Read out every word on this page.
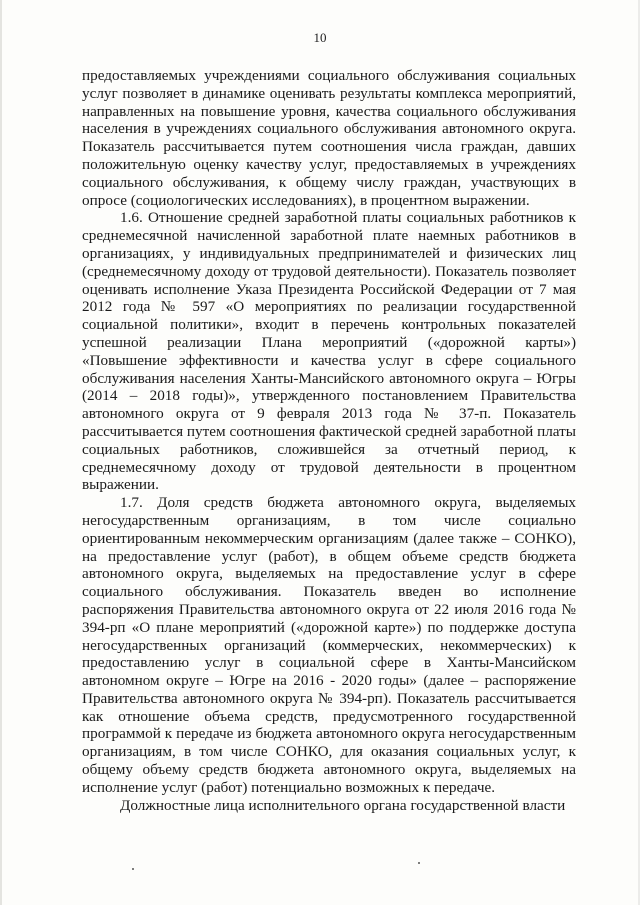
10

предоставляемых учреждениями социального обслуживания социальных услуг позволяет в динамике оценивать результаты комплекса мероприятий, направленных на повышение уровня, качества социального обслуживания населения в учреждениях социального обслуживания автономного округа. Показатель рассчитывается путем соотношения числа граждан, давших положительную оценку качеству услуг, предоставляемых в учреждениях социального обслуживания, к общему числу граждан, участвующих в опросе (социологических исследованиях), в процентном выражении.

1.6. Отношение средней заработной платы социальных работников к среднемесячной начисленной заработной плате наемных работников в организациях, у индивидуальных предпринимателей и физических лиц (среднемесячному доходу от трудовой деятельности). Показатель позволяет оценивать исполнение Указа Президента Российской Федерации от 7 мая 2012 года № 597 «О мероприятиях по реализации государственной социальной политики», входит в перечень контрольных показателей успешной реализации Плана мероприятий («дорожной карты») «Повышение эффективности и качества услуг в сфере социального обслуживания населения Ханты-Мансийского автономного округа – Югры (2014 – 2018 годы)», утвержденного постановлением Правительства автономного округа от 9 февраля 2013 года № 37-п. Показатель рассчитывается путем соотношения фактической средней заработной платы социальных работников, сложившейся за отчетный период, к среднемесячному доходу от трудовой деятельности в процентном выражении.

1.7. Доля средств бюджета автономного округа, выделяемых негосударственным организациям, в том числе социально ориентированным некоммерческим организациям (далее также – СОНКО), на предоставление услуг (работ), в общем объеме средств бюджета автономного округа, выделяемых на предоставление услуг в сфере социального обслуживания. Показатель введен во исполнение распоряжения Правительства автономного округа от 22 июля 2016 года № 394-рп «О плане мероприятий («дорожной карте») по поддержке доступа негосударственных организаций (коммерческих, некоммерческих) к предоставлению услуг в социальной сфере в Ханты-Мансийском автономном округе – Югре на 2016 - 2020 годы» (далее – распоряжение Правительства автономного округа № 394-рп). Показатель рассчитывается как отношение объема средств, предусмотренного государственной программой к передаче из бюджета автономного округа негосударственным организациям, в том числе СОНКО, для оказания социальных услуг, к общему объему средств бюджета автономного округа, выделяемых на исполнение услуг (работ) потенциально возможных к передаче.

Должностные лица исполнительного органа государственной власти
